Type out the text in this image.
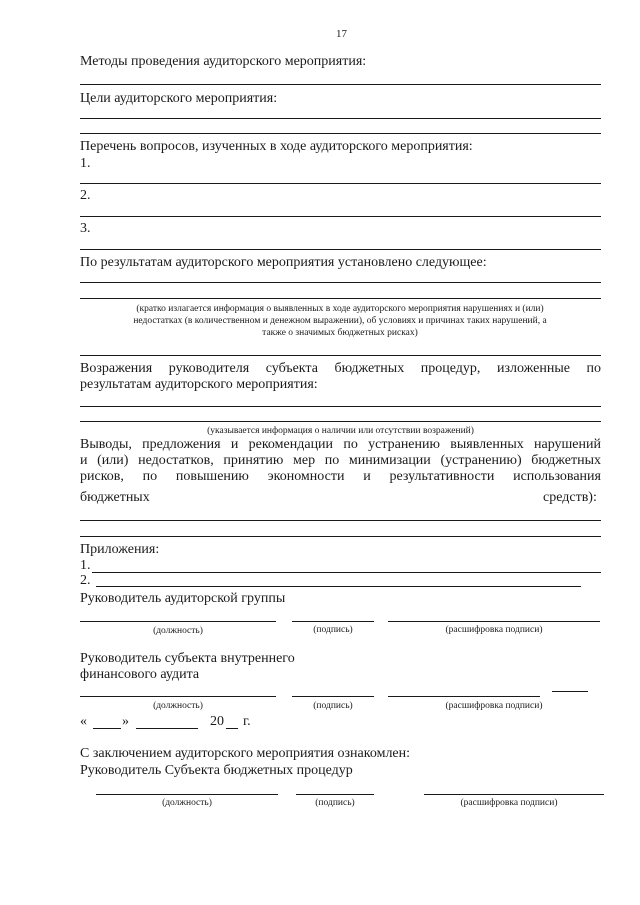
17
Методы проведения аудиторского мероприятия:
Цели аудиторского мероприятия:
Перечень вопросов, изученных в ходе аудиторского мероприятия:
1.
2.
3.
По результатам аудиторского мероприятия установлено следующее:
(кратко излагается информация о выявленных в ходе аудиторского мероприятия нарушениях и (или)
недостатках (в количественном и денежном выражении), об условиях и причинах таких нарушений, а
также о значимых бюджетных рисках)
Возражения руководителя субъекта бюджетных процедур, изложенные по
результатам аудиторского мероприятия:
(указывается информация о наличии или отсутствии возражений)
Выводы, предложения и рекомендации по устранению выявленных нарушений
и (или) недостатков, принятию мер по минимизации (устранению) бюджетных
рисков, по повышению экономности и результативности использования
бюджетных	средств):
Приложения:
1.
2.
Руководитель аудиторской группы
(должность)	(подпись)	(расшифровка подписи)
Руководитель субъекта внутреннего
финансового аудита
(должность)	(подпись)	(расшифровка подписи)
«	»	20 г.
С заключением аудиторского мероприятия ознакомлен:
Руководитель Субъекта бюджетных процедур
(должность)	(подпись)	(расшифровка подписи)
